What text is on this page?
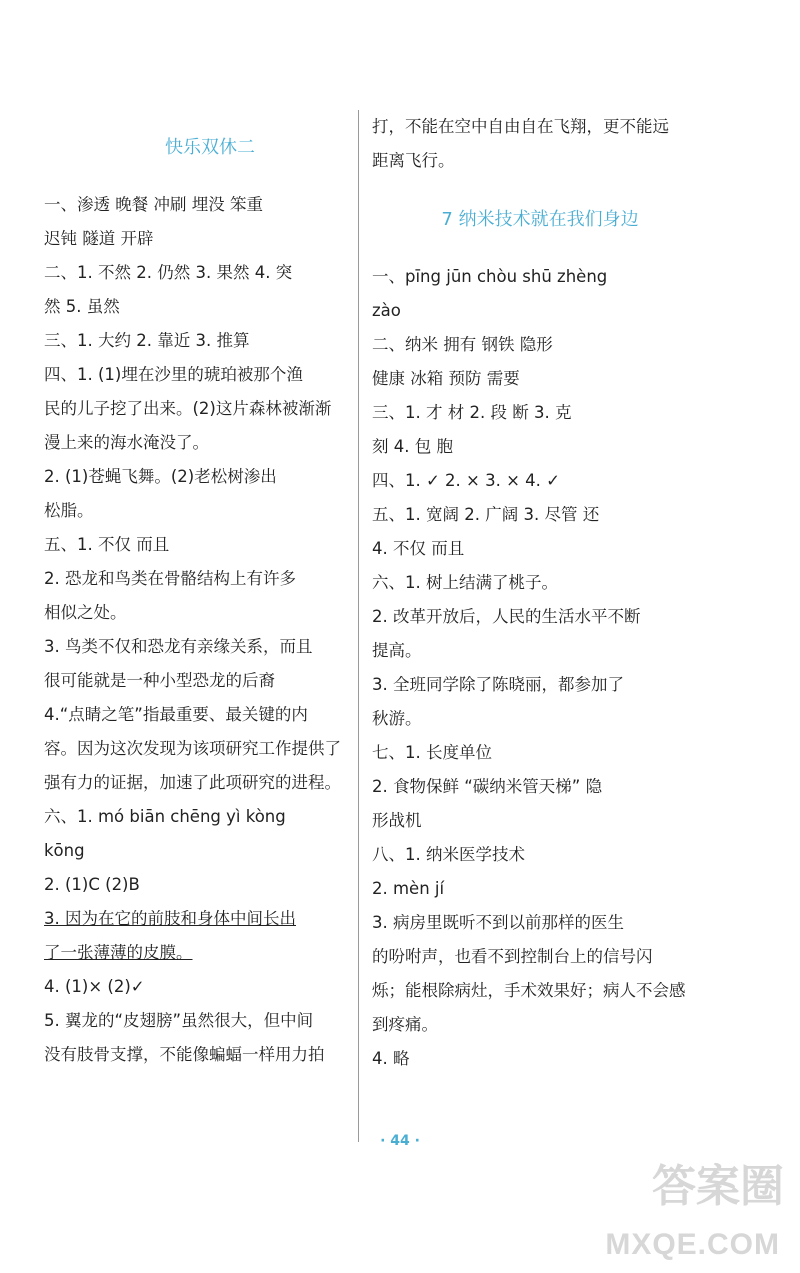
快乐双休二
一、渗透 晚餐 冲刷 埋没 笨重
迟钝 隧道 开辟
二、1. 不然 2. 仍然 3. 果然 4. 突
然 5. 虽然
三、1. 大约 2. 靠近 3. 推算
四、1. (1)埋在沙里的琥珀被那个渔
民的儿子挖了出来。(2)这片森林被渐渐
漫上来的海水淹没了。
2. (1)苍蝇飞舞。(2)老松树渗出
松脂。
五、1. 不仅 而且
2. 恐龙和鸟类在骨骼结构上有许多
相似之处。
3. 鸟类不仅和恐龙有亲缘关系，而且
很可能就是一种小型恐龙的后裔
4.“点睛之笔”指最重要、最关键的内
容。因为这次发现为该项研究工作提供了
强有力的证据，加速了此项研究的进程。
六、1. mó biān chēng yì kòng
kōng
2. (1)C (2)B
3. 因为在它的前肢和身体中间长出
了一张薄薄的皮膜。
4. (1)× (2)✓
5. 翼龙的“皮翅膀”虽然很大，但中间
没有肢骨支撑，不能像蝙蝠一样用力拍
打，不能在空中自由自在飞翔，更不能远
距离飞行。
7 纳米技术就在我们身边
一、pīng jūn chòu shū zhèng
zào
二、纳米 拥有 钢铁 隐形
健康 冰箱 预防 需要
三、1. 才 材 2. 段 断 3. 克
刻 4. 包 胞
四、1. ✓ 2. × 3. × 4. ✓
五、1. 宽阔 2. 广阔 3. 尽管 还
4. 不仅 而且
六、1. 树上结满了桃子。
2. 改革开放后，人民的生活水平不断
提高。
3. 全班同学除了陈晓丽，都参加了
秋游。
七、1. 长度单位
2. 食物保鲜 “碳纳米管天梯” 隐
形战机
八、1. 纳米医学技术
2. mèn jí
3. 病房里既听不到以前那样的医生
的吩咐声，也看不到控制台上的信号闪
烁；能根除病灶，手术效果好；病人不会感
到疼痛。
4. 略
· 44 ·
答案圈
MXQE.COM
